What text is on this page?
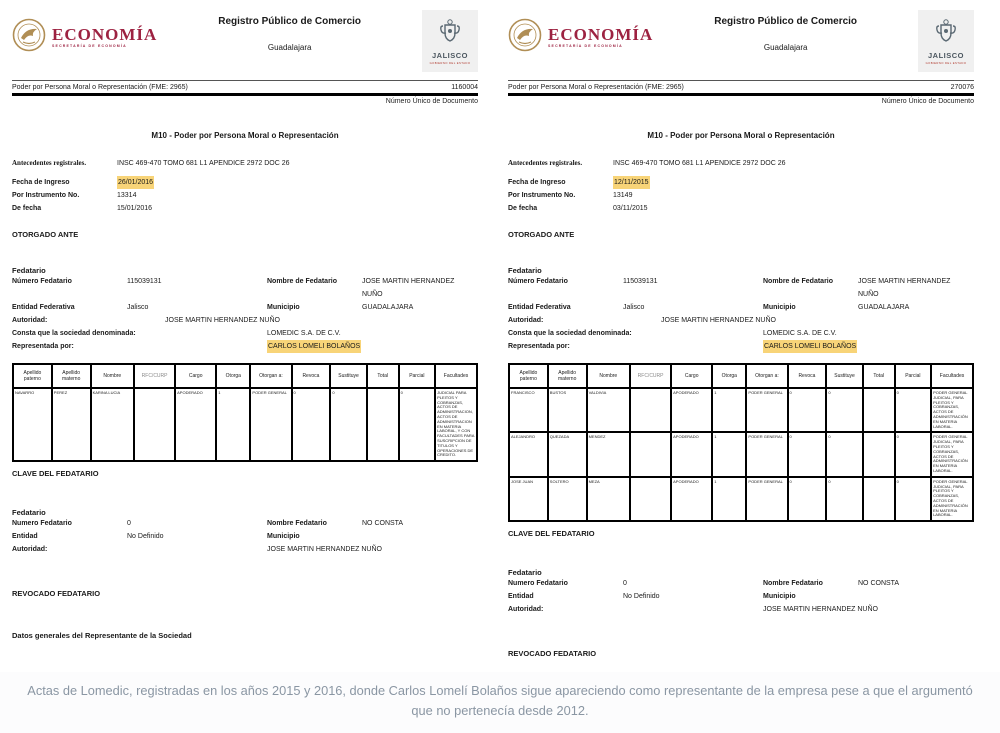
ECONOMÍA
SECRETARÍA DE ECONOMÍA
Registro Público de Comercio
Guadalajara
JALISCO
GOBIERNO DEL ESTADO
Poder por Persona Moral o Representación (FME: 2965)	1160004
Número Único de Documento
M10 - Poder por Persona Moral o Representación
Antecedentes registrales.	INSC 469-470 TOMO 681 L1 APENDICE 2972 DOC 26
Fecha de Ingreso	26/01/2016
Por Instrumento No.	13314
De fecha	15/01/2016
OTORGADO ANTE
Fedatario
Número Fedatario	115039131	Nombre de Fedatario	JOSE MARTIN HERNANDEZ NUÑO
Entidad Federativa	Jalisco	Municipio	GUADALAJARA
Autoridad:	JOSE MARTIN HERNANDEZ NUÑO
Consta que la sociedad denominada:	LOMEDIC S.A. DE C.V.
Representada por:	CARLOS LOMELI BOLAÑOS
Apellido paterno	Apellido materno	Nombre	RFC/CURP	Cargo	Otorga	Otorgan a:	Revoca	Sustituye	Total	Parcial	Facultades
NAVARRO	PEREZ	KARINA LUCIA		APODERADO	1	PODER GENERAL	0	0		0	JUDICIAL PARA PLEITOS Y COBRANZAS, ACTOS DE ADMINISTRACION, ACTOS DE ADMINISTRACION EN MATERIA LABORAL, Y CON FACULTADES PARA SUSCRIPCION DE TITULOS Y OPERACIONES DE CREDITO.
CLAVE DEL FEDATARIO
Fedatario
Numero Fedatario	0	Nombre Fedatario	NO CONSTA
Entidad	No Definido	Municipio
Autoridad:	JOSE MARTIN HERNANDEZ NUÑO
REVOCADO FEDATARIO
Datos generales del Representante de la Sociedad
ECONOMÍA
SECRETARÍA DE ECONOMÍA
Registro Público de Comercio
Guadalajara
JALISCO
GOBIERNO DEL ESTADO
Poder por Persona Moral o Representación (FME: 2965)	270076
Número Único de Documento
M10 - Poder por Persona Moral o Representación
Antecedentes registrales.	INSC 469-470 TOMO 681 L1 APENDICE 2972 DOC 26
Fecha de Ingreso	12/11/2015
Por Instrumento No.	13149
De fecha	03/11/2015
OTORGADO ANTE
Fedatario
Número Fedatario	115039131	Nombre de Fedatario	JOSE MARTIN HERNANDEZ NUÑO
Entidad Federativa	Jalisco	Municipio	GUADALAJARA
Autoridad:	JOSE MARTIN HERNANDEZ NUÑO
Consta que la sociedad denominada:	LOMEDIC S.A. DE C.V.
Representada por:	CARLOS LOMELI BOLAÑOS
Apellido paterno	Apellido materno	Nombre	RFC/CURP	Cargo	Otorga	Otorgan a:	Revoca	Sustituye	Total	Parcial	Facultades
FRANCISCO	BUSTOS	VALDIVIA		APODERADO	1	PODER GENERAL	0	0		0	PODER GENERAL JUDICIAL, PARA PLEITOS Y COBRANZAS, ACTOS DE ADMINISTRACIÓN EN MATERIA LABORAL.
ALEJANDRO	QUEZADA	MENDEZ		APODERADO	1	PODER GENERAL	0	0		0	PODER GENERAL JUDICIAL, PARA PLEITOS Y COBRANZAS, ACTOS DE ADMINISTRACIÓN EN MATERIA LABORAL.
JOSE JUAN	SOLTERO	MEZA		APODERADO	1	PODER GENERAL	0	0		0	PODER GENERAL JUDICIAL, PARA PLEITOS Y COBRANZAS, ACTOS DE ADMINISTRACIÓN EN MATERIA LABORAL.
CLAVE DEL FEDATARIO
Fedatario
Numero Fedatario	0	Nombre Fedatario	NO CONSTA
Entidad	No Definido	Municipio
Autoridad:	JOSE MARTIN HERNANDEZ NUÑO
REVOCADO FEDATARIO

Actas de Lomedic, registradas en los años 2015 y 2016, donde Carlos Lomelí Bolaños sigue apareciendo como representante de la empresa pese a que el argumentó que no pertenecía desde 2012.
